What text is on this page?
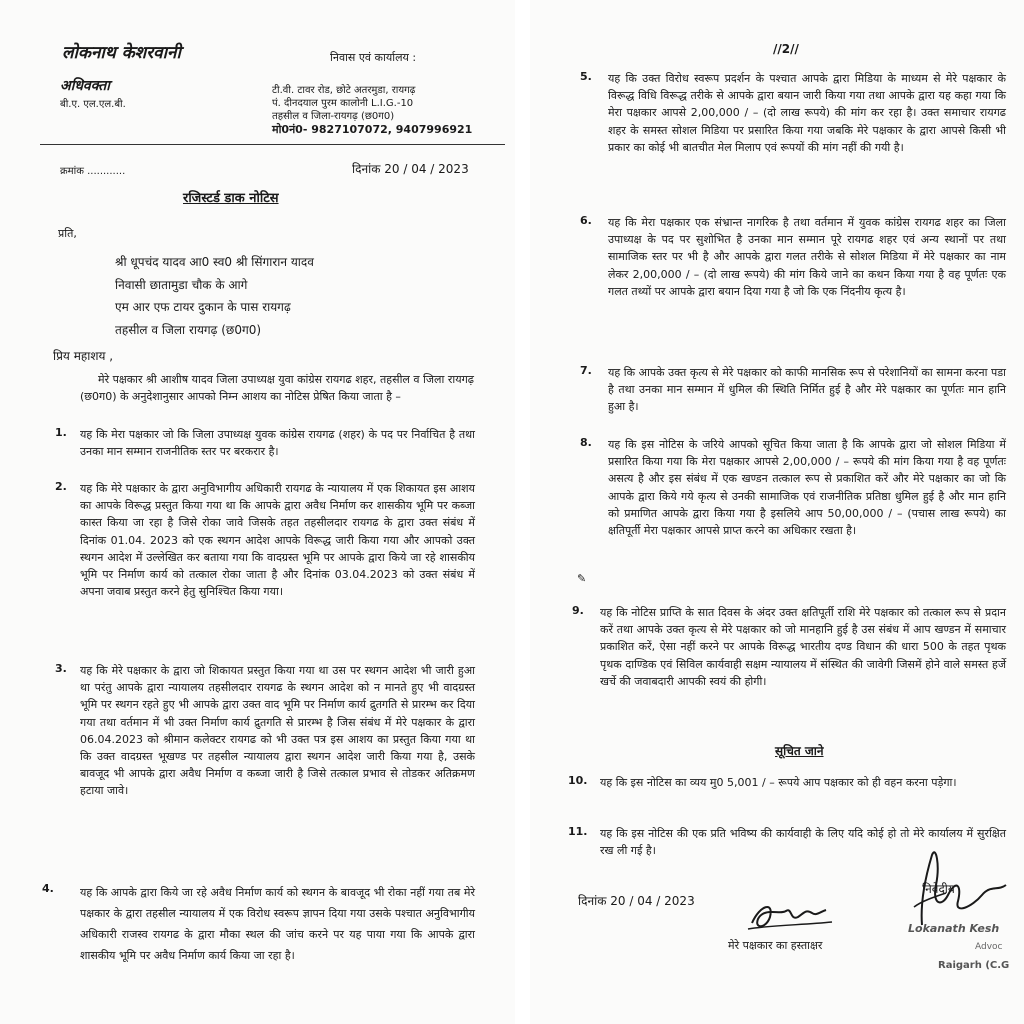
लोकनाथ केशरवानी
अधिवक्ता
बी.ए. एल.एल.बी.
निवास एवं कार्यालय :
टी.वी. टावर रोड, छोटे अतरमुडा, रायगढ़
पं. दीनदयाल पुरम कालोनी L.I.G.-10
तहसील व जिला-रायगढ़ (छ0ग0)
मो0नं0- 9827107072, 9407996921
क्रमांक ............	दिनांक 20 / 04 / 2023
रजिस्टर्ड डाक नोटिस
प्रति,
श्री धूपचंद यादव आ0 स्व0 श्री सिंगारान यादव
निवासी छातामुडा चौक के आगे
एम आर एफ टायर दुकान के पास रायगढ़
तहसील व जिला रायगढ़ (छ0ग0)
प्रिय महाशय ,
मेरे पक्षकार श्री आशीष यादव जिला उपाध्यक्ष युवा कांग्रेस रायगढ शहर, तहसील व जिला रायगढ़ (छ0ग0) के अनुदेशानुसार आपको निम्न आशय का नोटिस प्रेषित किया जाता है –
1. यह कि मेरा पक्षकार जो कि जिला उपाध्यक्ष युवक कांग्रेस रायगढ (शहर) के पद पर निर्वाचित है तथा उनका मान सम्मान राजनीतिक स्तर पर बरकरार है।
2. यह कि मेरे पक्षकार के द्वारा अनुविभागीय अधिकारी रायगढ के न्यायालय में एक शिकायत इस आशय का आपके विरूद्ध प्रस्तुत किया गया था कि आपके द्वारा अवैध निर्माण कर शासकीय भूमि पर कब्जा कास्त किया जा रहा है जिसे रोका जावे जिसके तहत तहसीलदार रायगढ के द्वारा उक्त संबंध में दिनांक 01.04. 2023 को एक स्थगन आदेश आपके विरूद्ध जारी किया गया और आपको उक्त स्थगन आदेश में उल्लेखित कर बताया गया कि वादग्रस्त भूमि पर आपके द्वारा किये जा रहे शासकीय भूमि पर निर्माण कार्य को तत्काल रोका जाता है और दिनांक 03.04.2023 को उक्त संबंध में अपना जवाब प्रस्तुत करने हेतु सुनिश्चित किया गया।
3. यह कि मेरे पक्षकार के द्वारा जो शिकायत प्रस्तुत किया गया था उस पर स्थगन आदेश भी जारी हुआ था परंतु आपके द्वारा न्यायालय तहसीलदार रायगढ के स्थगन आदेश को न मानते हुए भी वादग्रस्त भूमि पर स्थगन रहते हुए भी आपके द्वारा उक्त वाद भूमि पर निर्माण कार्य द्रुतगति से प्रारम्भ कर दिया गया तथा वर्तमान में भी उक्त निर्माण कार्य द्रुतगति से प्रारम्भ है जिस संबंध में मेरे पक्षकार के द्वारा 06.04.2023 को श्रीमान कलेक्टर रायगढ को भी उक्त पत्र इस आशय का प्रस्तुत किया गया था कि उक्त वादग्रस्त भूखण्ड पर तहसील न्यायालय द्वारा स्थगन आदेश जारी किया गया है, उसके बावजूद भी आपके द्वारा अवैध निर्माण व कब्जा जारी है जिसे तत्काल प्रभाव से तोडकर अतिक्रमण हटाया जावे।
4. यह कि आपके द्वारा किये जा रहे अवैध निर्माण कार्य को स्थगन के बावजूद भी रोका नहीं गया तब मेरे पक्षकार के द्वारा तहसील न्यायालय में एक विरोध स्वरूप ज्ञापन दिया गया उसके पश्चात अनुविभागीय अधिकारी राजस्व रायगढ के द्वारा मौका स्थल की जांच करने पर यह पाया गया कि आपके द्वारा शासकीय भूमि पर अवैध निर्माण कार्य किया जा रहा है।
//2//
5. यह कि उक्त विरोध स्वरूप प्रदर्शन के पश्चात आपके द्वारा मिडिया के माध्यम से मेरे पक्षकार के विरूद्ध विधि विरूद्ध तरीके से आपके द्वारा बयान जारी किया गया तथा आपके द्वारा यह कहा गया कि मेरा पक्षकार आपसे 2,00,000 / – (दो लाख रूपये) की मांग कर रहा है। उक्त समाचार रायगढ शहर के समस्त सोशल मिडिया पर प्रसारित किया गया जबकि मेरे पक्षकार के द्वारा आपसे किसी भी प्रकार का कोई भी बातचीत मेल मिलाप एवं रूपयों की मांग नहीं की गयी है।
6. यह कि मेरा पक्षकार एक संभ्रान्त नागरिक है तथा वर्तमान में युवक कांग्रेस रायगढ शहर का जिला उपाध्यक्ष के पद पर सुशोभित है उनका मान सम्मान पूरे रायगढ शहर एवं अन्य स्थानों पर तथा सामाजिक स्तर पर भी है और आपके द्वारा गलत तरीके से सोशल मिडिया में मेरे पक्षकार का नाम लेकर 2,00,000 / – (दो लाख रूपये) की मांग किये जाने का कथन किया गया है वह पूर्णतः एक गलत तथ्यों पर आपके द्वारा बयान दिया गया है जो कि एक निंदनीय कृत्य है।
7. यह कि आपके उक्त कृत्य से मेरे पक्षकार को काफी मानसिक रूप से परेशानियों का सामना करना पडा है तथा उनका मान सम्मान में धुमिल की स्थिति निर्मित हुई है और मेरे पक्षकार का पूर्णतः मान हानि हुआ है।
8. यह कि इस नोटिस के जरिये आपको सूचित किया जाता है कि आपके द्वारा जो सोशल मिडिया में प्रसारित किया गया कि मेरा पक्षकार आपसे 2,00,000 / – रूपये की मांग किया गया है वह पूर्णतः असत्य है और इस संबंध में एक खण्डन तत्काल रूप से प्रकाशित करें और मेरे पक्षकार का जो कि आपके द्वारा किये गये कृत्य से उनकी सामाजिक एवं राजनीतिक प्रतिष्ठा धुमिल हुई है और मान हानि को प्रमाणित आपके द्वारा किया गया है इसलिये आप 50,00,000 / – (पचास लाख रूपये) का क्षतिपूर्ती मेरा पक्षकार आपसे प्राप्त करने का अधिकार रखता है।
✎
9. यह कि नोटिस प्राप्ति के सात दिवस के अंदर उक्त क्षतिपूर्ती राशि मेरे पक्षकार को तत्काल रूप से प्रदान करें तथा आपके उक्त कृत्य से मेरे पक्षकार को जो मानहानि हुई है उस संबंध में आप खण्डन में समाचार प्रकाशित करें, ऐसा नहीं करने पर आपके विरूद्ध भारतीय दण्ड विधान की धारा 500 के तहत पृथक पृथक दाण्डिक एवं सिविल कार्यवाही सक्षम न्यायालय में संस्थित की जावेगी जिसमें होने वाले समस्त हर्जे खर्चे की जवाबदारी आपकी स्वयं की होगी।
सूचित जाने
10. यह कि इस नोटिस का व्यय मु0 5,001 / – रूपये आप पक्षकार को ही वहन करना पड़ेगा।
11. यह कि इस नोटिस की एक प्रति भविष्य की कार्यवाही के लिए यदि कोई हो तो मेरे कार्यालय में सुरक्षित रख ली गई है।
दिनांक 20 / 04 / 2023
मेरे पक्षकार का हस्ताक्षर
निवेदीय
Lokanath Kesh
Advoc
Raigarh (C.G
